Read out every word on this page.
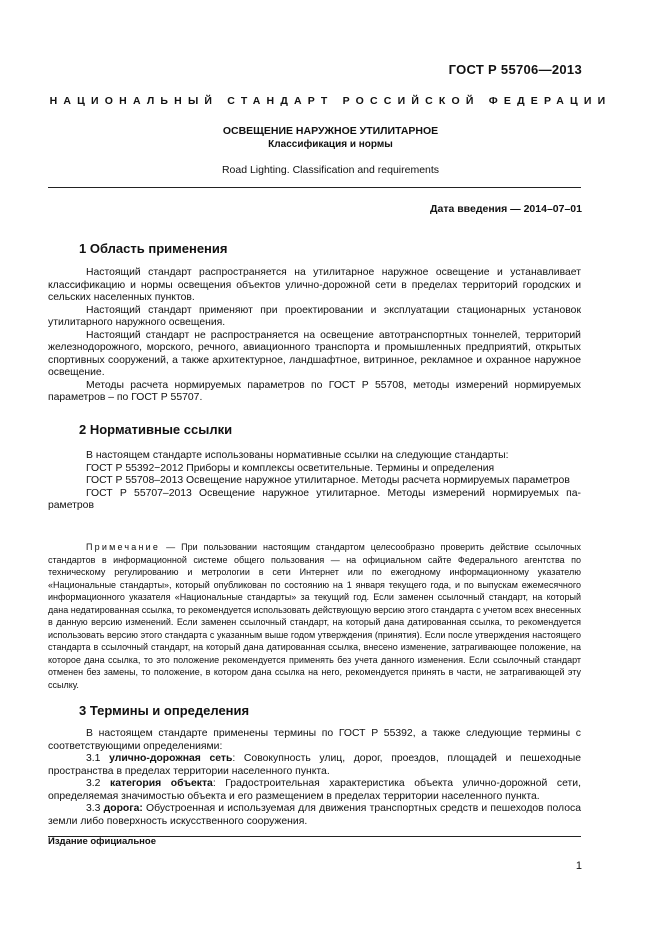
ГОСТ Р 55706—2013
НАЦИОНАЛЬНЫЙ СТАНДАРТ РОССИЙСКОЙ ФЕДЕРАЦИИ
ОСВЕЩЕНИЕ НАРУЖНОЕ УТИЛИТАРНОЕ
Классификация и нормы
Road Lighting. Classification and requirements
Дата введения — 2014–07–01
1 Область применения

Настоящий стандарт распространяется на утилитарное наружное освещение и устанавливает классификацию и нормы освещения объектов улично-дорожной сети в пределах территорий городских и сельских населенных пунктов.

Настоящий стандарт применяют при проектировании и эксплуатации стационарных установок утилитарного наружного освещения.

Настоящий стандарт не распространяется на освещение автотранспортных тоннелей, территорий железнодорожного, морского, речного, авиационного транспорта и промышленных предприятий, открытых спортивных сооружений, а также архитектурное, ландшафтное, витринное, рекламное и охранное наружное освещение.

Методы расчета нормируемых параметров по ГОСТ Р 55708, методы измерений нормируемых параметров – по ГОСТ Р 55707.

2 Нормативные ссылки

В настоящем стандарте использованы нормативные ссылки на следующие стандарты:

ГОСТ Р 55392−2012 Приборы и комплексы осветительные. Термины и определения

ГОСТ Р 55708–2013 Освещение наружное утилитарное. Методы расчета нормируемых параметров

ГОСТ Р 55707–2013 Освещение наружное утилитарное. Методы измерений нормируемых параметров

Примечание — При пользовании настоящим стандартом целесообразно проверить действие ссылочных стандартов в информационной системе общего пользования — на официальном сайте Федерального агентства по техническому регулированию и метрологии в сети Интернет или по ежегодному информационному указателю «Национальные стандарты», который опубликован по состоянию на 1 января текущего года, и по выпускам ежемесячного информационного указателя «Национальные стандарты» за текущий год. Если заменен ссылочный стандарт, на который дана недатированная ссылка, то рекомендуется использовать действующую версию этого стандарта с учетом всех внесенных в данную версию изменений. Если заменен ссылочный стандарт, на который дана датированная ссылка, то рекомендуется использовать версию этого стандарта с указанным выше годом утверждения (принятия). Если после утверждения настоящего стандарта в ссылочный стандарт, на который дана датированная ссылка, внесено изменение, затрагивающее положение, на которое дана ссылка, то это положение рекомендуется применять без учета данного изменения. Если ссылочный стандарт отменен без замены, то положение, в котором дана ссылка на него, рекомендуется принять в части, не затрагивающей эту ссылку.

3 Термины и определения

В настоящем стандарте применены термины по ГОСТ Р 55392, а также следующие термины с соответствующими определениями:

3.1 улично-дорожная сеть: Совокупность улиц, дорог, проездов, площадей и пешеходные пространства в пределах территории населенного пункта.

3.2 категория объекта: Градостроительная характеристика объекта улично-дорожной сети, определяемая значимостью объекта и его размещением в пределах территории населенного пункта.

3.3 дорога: Обустроенная и используемая для движения транспортных средств и пешеходов полоса земли либо поверхность искусственного сооружения.

Издание официальное
1
